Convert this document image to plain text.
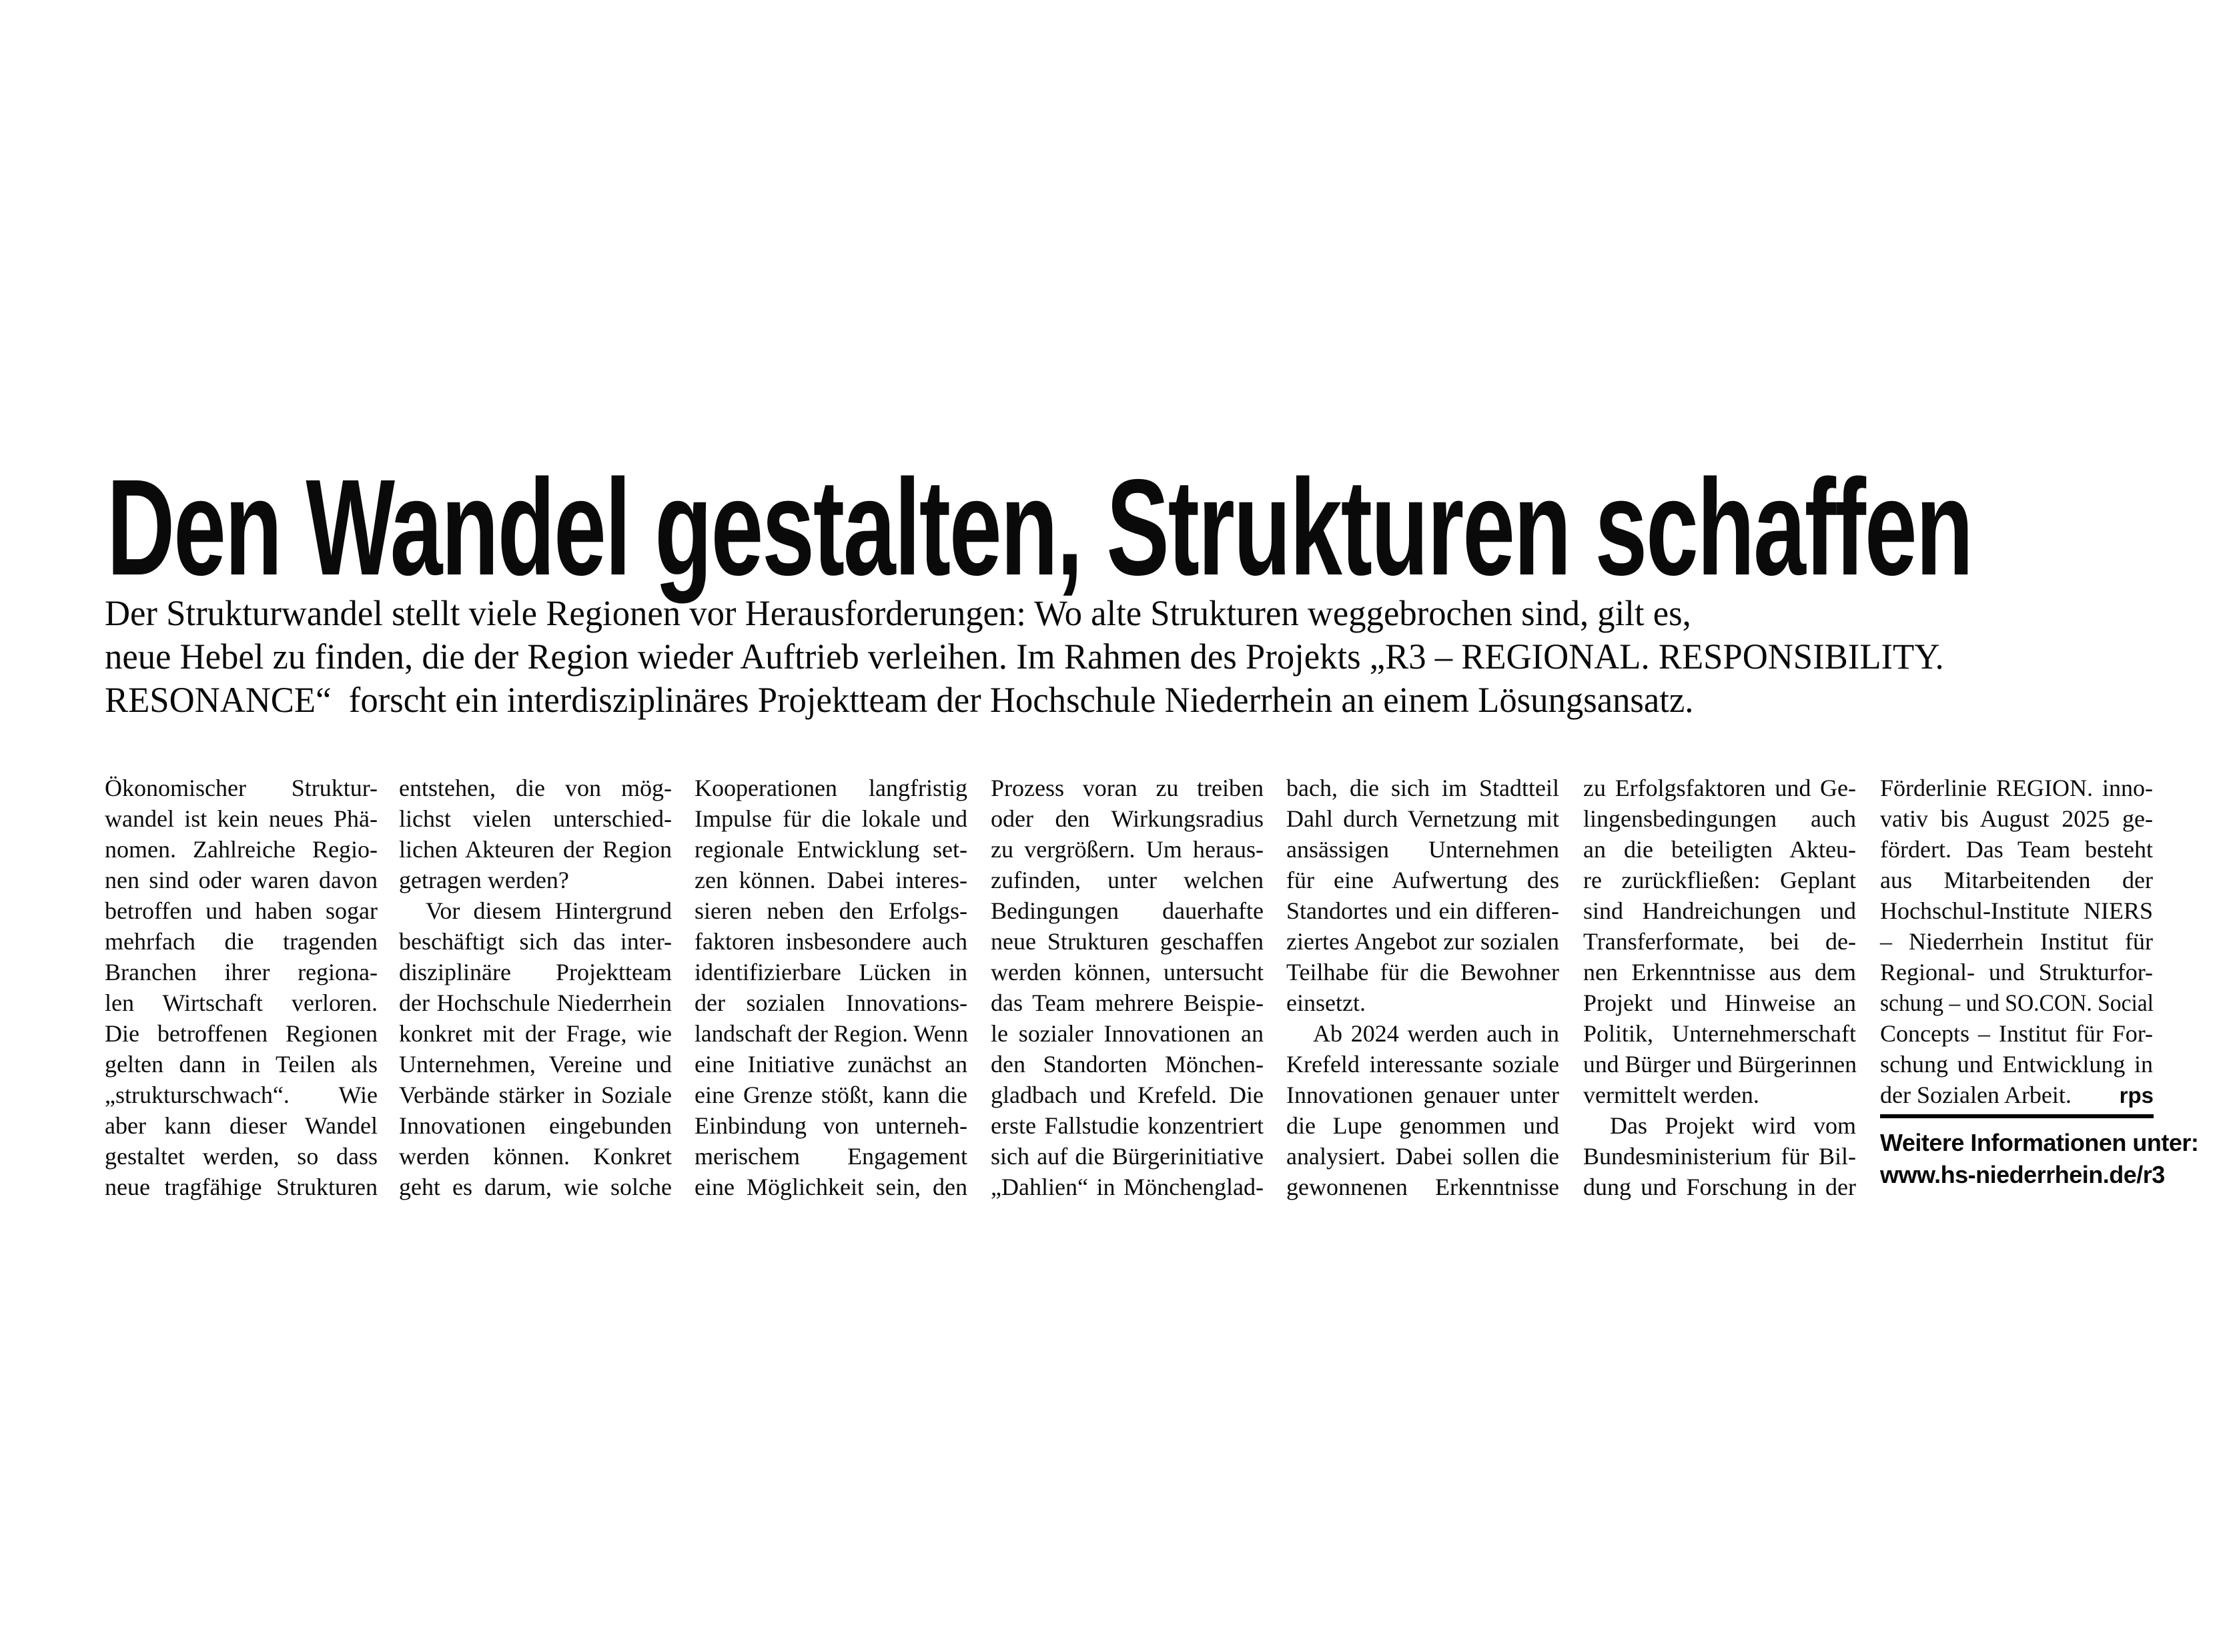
Den Wandel gestalten, Strukturen schaffen
Der Strukturwandel stellt viele Regionen vor Herausforderungen: Wo alte Strukturen weggebrochen sind, gilt es,
neue Hebel zu finden, die der Region wieder Auftrieb verleihen. Im Rahmen des Projekts „R3 – REGIONAL. RESPONSIBILITY.
RESONANCE“  forscht ein interdisziplinäres Projektteam der Hochschule Niederrhein an einem Lösungsansatz.
Ökonomischer Struktur-
wandel ist kein neues Phä-
nomen. Zahlreiche Regio-
nen sind oder waren davon
betroffen und haben sogar
mehrfach die tragenden
Branchen ihrer regiona-
len Wirtschaft verloren.
Die betroffenen Regionen
gelten dann in Teilen als
„strukturschwach“. Wie
aber kann dieser Wandel
gestaltet werden, so dass
neue tragfähige Strukturen
entstehen, die von mög-
lichst vielen unterschied-
lichen Akteuren der Region
getragen werden?
Vor diesem Hintergrund
beschäftigt sich das inter-
disziplinäre Projektteam
der Hochschule Niederrhein
konkret mit der Frage, wie
Unternehmen, Vereine und
Verbände stärker in Soziale
Innovationen eingebunden
werden können. Konkret
geht es darum, wie solche
Kooperationen langfristig
Impulse für die lokale und
regionale Entwicklung set-
zen können. Dabei interes-
sieren neben den Erfolgs-
faktoren insbesondere auch
identifizierbare Lücken in
der sozialen Innovations-
landschaft der Region. Wenn
eine Initiative zunächst an
eine Grenze stößt, kann die
Einbindung von unterneh-
merischem Engagement
eine Möglichkeit sein, den
Prozess voran zu treiben
oder den Wirkungsradius
zu vergrößern. Um heraus-
zufinden, unter welchen
Bedingungen dauerhafte
neue Strukturen geschaffen
werden können, untersucht
das Team mehrere Beispie-
le sozialer Innovationen an
den Standorten Mönchen-
gladbach und Krefeld. Die
erste Fallstudie konzentriert
sich auf die Bürgerinitiative
„Dahlien“ in Mönchenglad-
bach, die sich im Stadtteil
Dahl durch Vernetzung mit
ansässigen Unternehmen
für eine Aufwertung des
Standortes und ein differen-
ziertes Angebot zur sozialen
Teilhabe für die Bewohner
einsetzt.
Ab 2024 werden auch in
Krefeld interessante soziale
Innovationen genauer unter
die Lupe genommen und
analysiert. Dabei sollen die
gewonnenen Erkenntnisse
zu Erfolgsfaktoren und Ge-
lingensbedingungen auch
an die beteiligten Akteu-
re zurückfließen: Geplant
sind Handreichungen und
Transferformate, bei de-
nen Erkenntnisse aus dem
Projekt und Hinweise an
Politik, Unternehmerschaft
und Bürger und Bürgerinnen
vermittelt werden.
Das Projekt wird vom
Bundesministerium für Bil-
dung und Forschung in der
Förderlinie REGION. inno-
vativ bis August 2025 ge-
fördert. Das Team besteht
aus Mitarbeitenden der
Hochschul-Institute NIERS
– Niederrhein Institut für
Regional- und Strukturfor-
schung – und SO.CON. Social
Concepts – Institut für For-
schung und Entwicklung in
der Sozialen Arbeit. rps
Weitere Informationen unter:
www.hs-niederrhein.de/r3
